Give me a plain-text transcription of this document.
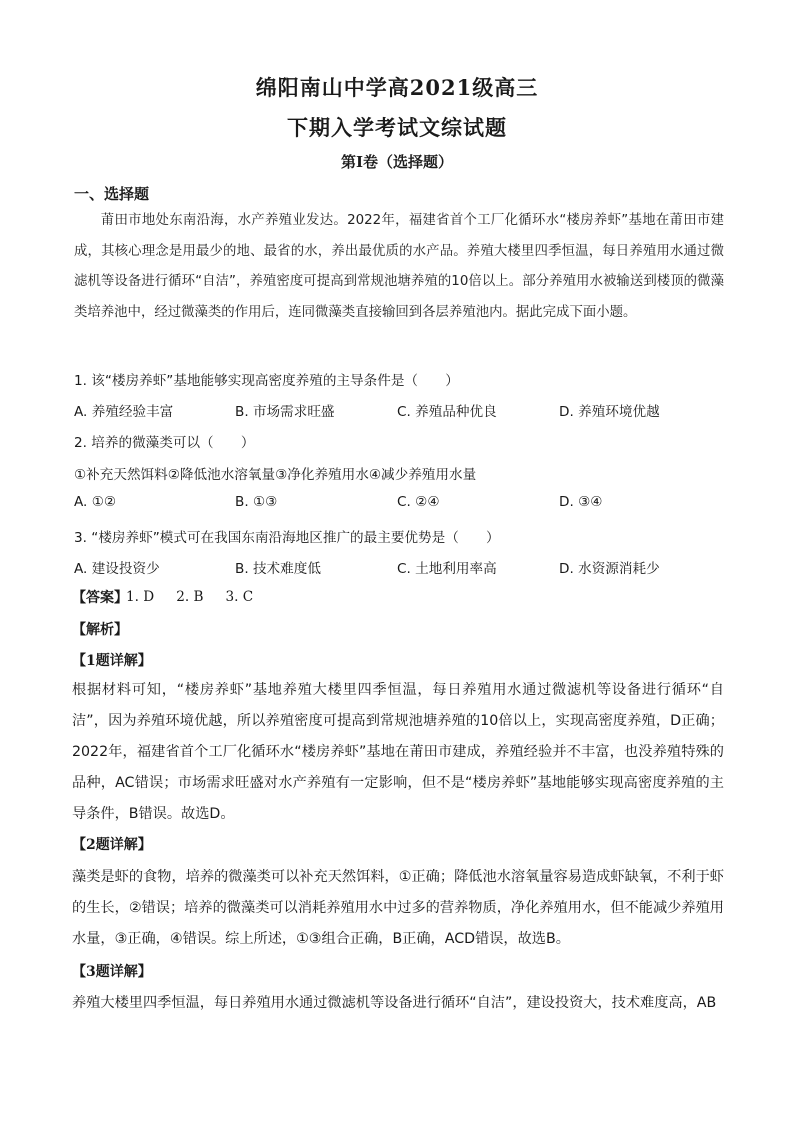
绵阳南山中学高2021级高三
下期入学考试文综试题
第Ⅰ卷（选择题）
一、选择题
莆田市地处东南沿海，水产养殖业发达。2022年，福建省首个工厂化循环水“楼房养虾”基地在莆田市建成，其核心理念是用最少的地、最省的水，养出最优质的水产品。养殖大楼里四季恒温，每日养殖用水通过微滤机等设备进行循环“自洁”，养殖密度可提高到常规池塘养殖的10倍以上。部分养殖用水被输送到楼顶的微藻类培养池中，经过微藻类的作用后，连同微藻类直接输回到各层养殖池内。据此完成下面小题。
1. 该“楼房养虾”基地能够实现高密度养殖的主导条件是（　　）
A. 养殖经验丰富	B. 市场需求旺盛	C. 养殖品种优良	D. 养殖环境优越
2. 培养的微藻类可以（　　）
①补充天然饵料②降低池水溶氧量③净化养殖用水④减少养殖用水量
A. ①②	B. ①③	C. ②④	D. ③④
3. “楼房养虾”模式可在我国东南沿海地区推广的最主要优势是（　　）
A. 建设投资少	B. 技术难度低	C. 土地利用率高	D. 水资源消耗少
【答案】
1. D 2. B 3. C
【解析】
【1题详解】
根据材料可知，“楼房养虾”基地养殖大楼里四季恒温，每日养殖用水通过微滤机等设备进行循环“自洁”，因为养殖环境优越，所以养殖密度可提高到常规池塘养殖的10倍以上，实现高密度养殖，D正确；2022年，福建省首个工厂化循环水“楼房养虾”基地在莆田市建成，养殖经验并不丰富，也没养殖特殊的品种，AC错误；市场需求旺盛对水产养殖有一定影响，但不是“楼房养虾”基地能够实现高密度养殖的主导条件，B错误。故选D。
【2题详解】
藻类是虾的食物，培养的微藻类可以补充天然饵料，①正确；降低池水溶氧量容易造成虾缺氧，不利于虾的生长，②错误；培养的微藻类可以消耗养殖用水中过多的营养物质，净化养殖用水，但不能减少养殖用水量，③正确，④错误。综上所述，①③组合正确，B正确，ACD错误，故选B。
【3题详解】
养殖大楼里四季恒温，每日养殖用水通过微滤机等设备进行循环“自洁”，建设投资大，技术难度高，AB
